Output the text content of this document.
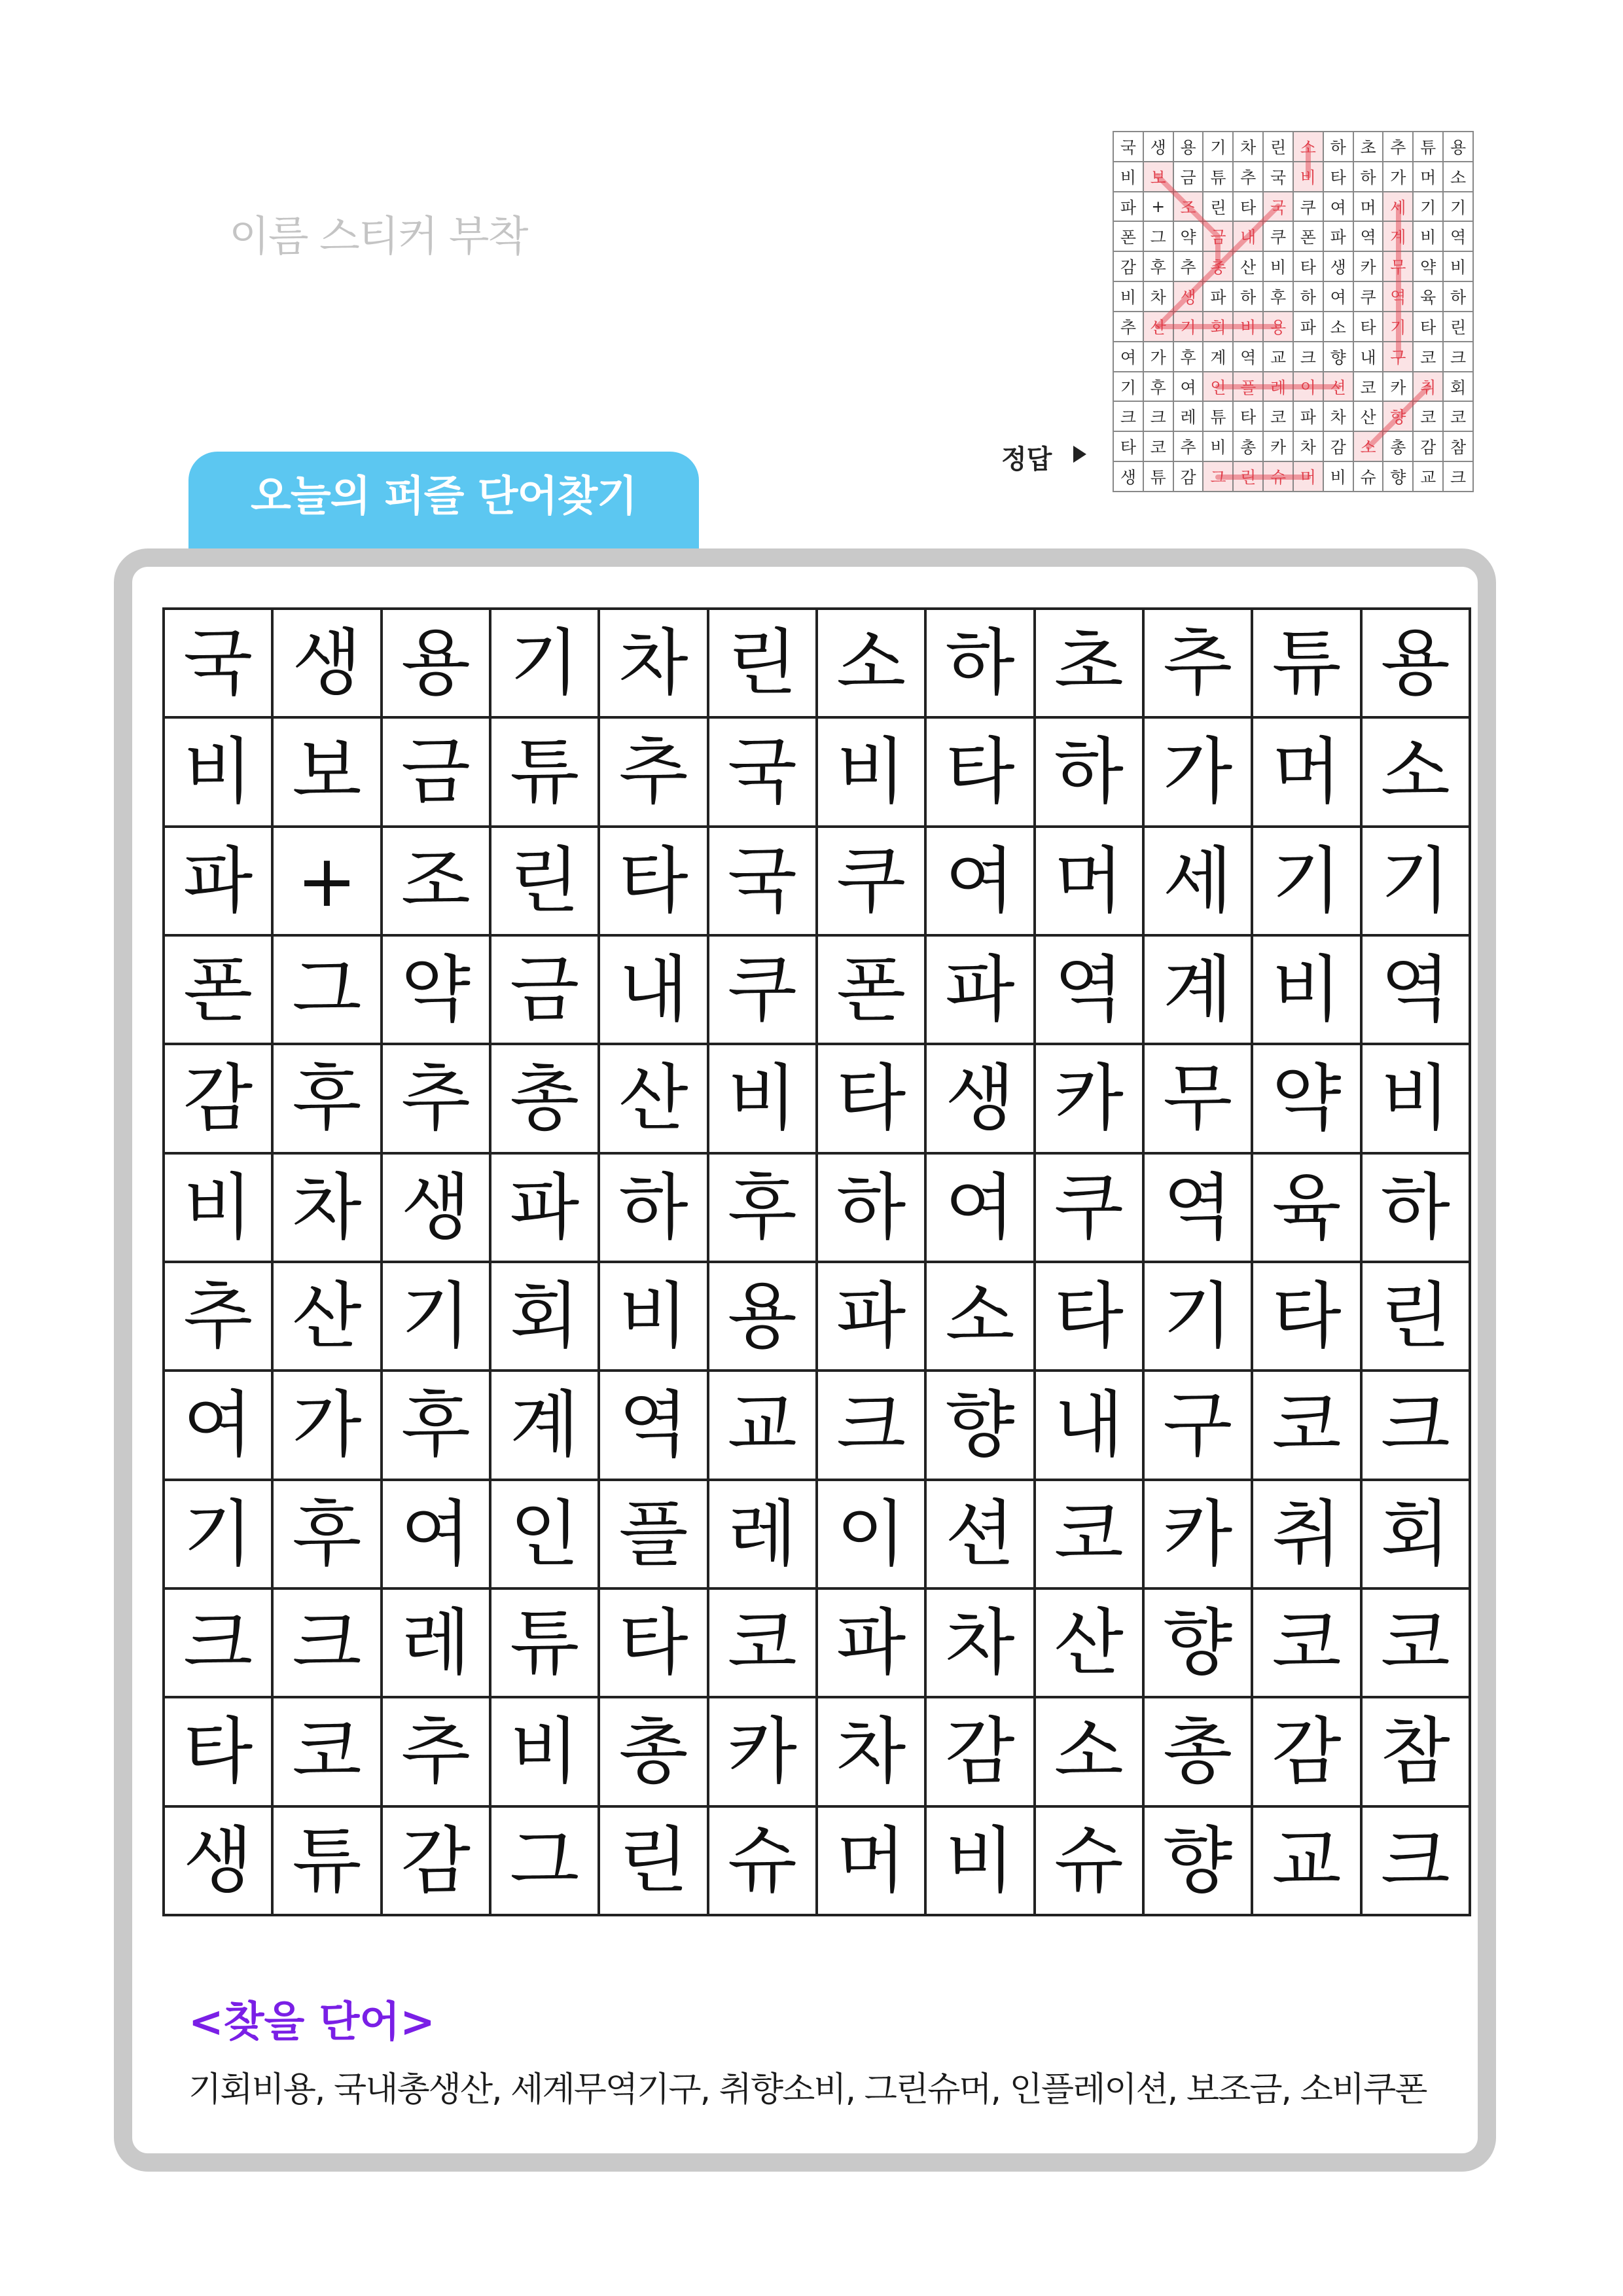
이름 스티커 부착
정답
국	생	용	기	차	린	소	하	초	추	튜	용
비	보	금	튜	추	국	비	타	하	가	머	소
파	+	조	린	타	국	쿠	여	머	세	기	기
폰	그	약	금	내	쿠	폰	파	역	계	비	역
감	후	추	총	산	비	타	생	카	무	약	비
비	차	생	파	하	후	하	여	쿠	역	육	하
추	산	기	회	비	용	파	소	타	기	타	린
여	가	후	계	역	교	크	향	내	구	코	크
기	후	여	인	플	레	이	션	코	카	취	회
크	크	레	튜	타	코	파	차	산	향	코	코
타	코	추	비	총	카	차	감	소	총	감	참
생	튜	감	그	린	슈	머	비	슈	향	교	크
오늘의 퍼즐 단어찾기
국	생	용	기	차	린	소	하	초	추	튜	용
비	보	금	튜	추	국	비	타	하	가	머	소
파	+	조	린	타	국	쿠	여	머	세	기	기
폰	그	약	금	내	쿠	폰	파	역	계	비	역
감	후	추	총	산	비	타	생	카	무	약	비
비	차	생	파	하	후	하	여	쿠	역	육	하
추	산	기	회	비	용	파	소	타	기	타	린
여	가	후	계	역	교	크	향	내	구	코	크
기	후	여	인	플	레	이	션	코	카	취	회
크	크	레	튜	타	코	파	차	산	향	코	코
타	코	추	비	총	카	차	감	소	총	감	참
생	튜	감	그	린	슈	머	비	슈	향	교	크
<찾을 단어>
기회비용, 국내총생산, 세계무역기구, 취향소비, 그린슈머, 인플레이션, 보조금, 소비쿠폰
